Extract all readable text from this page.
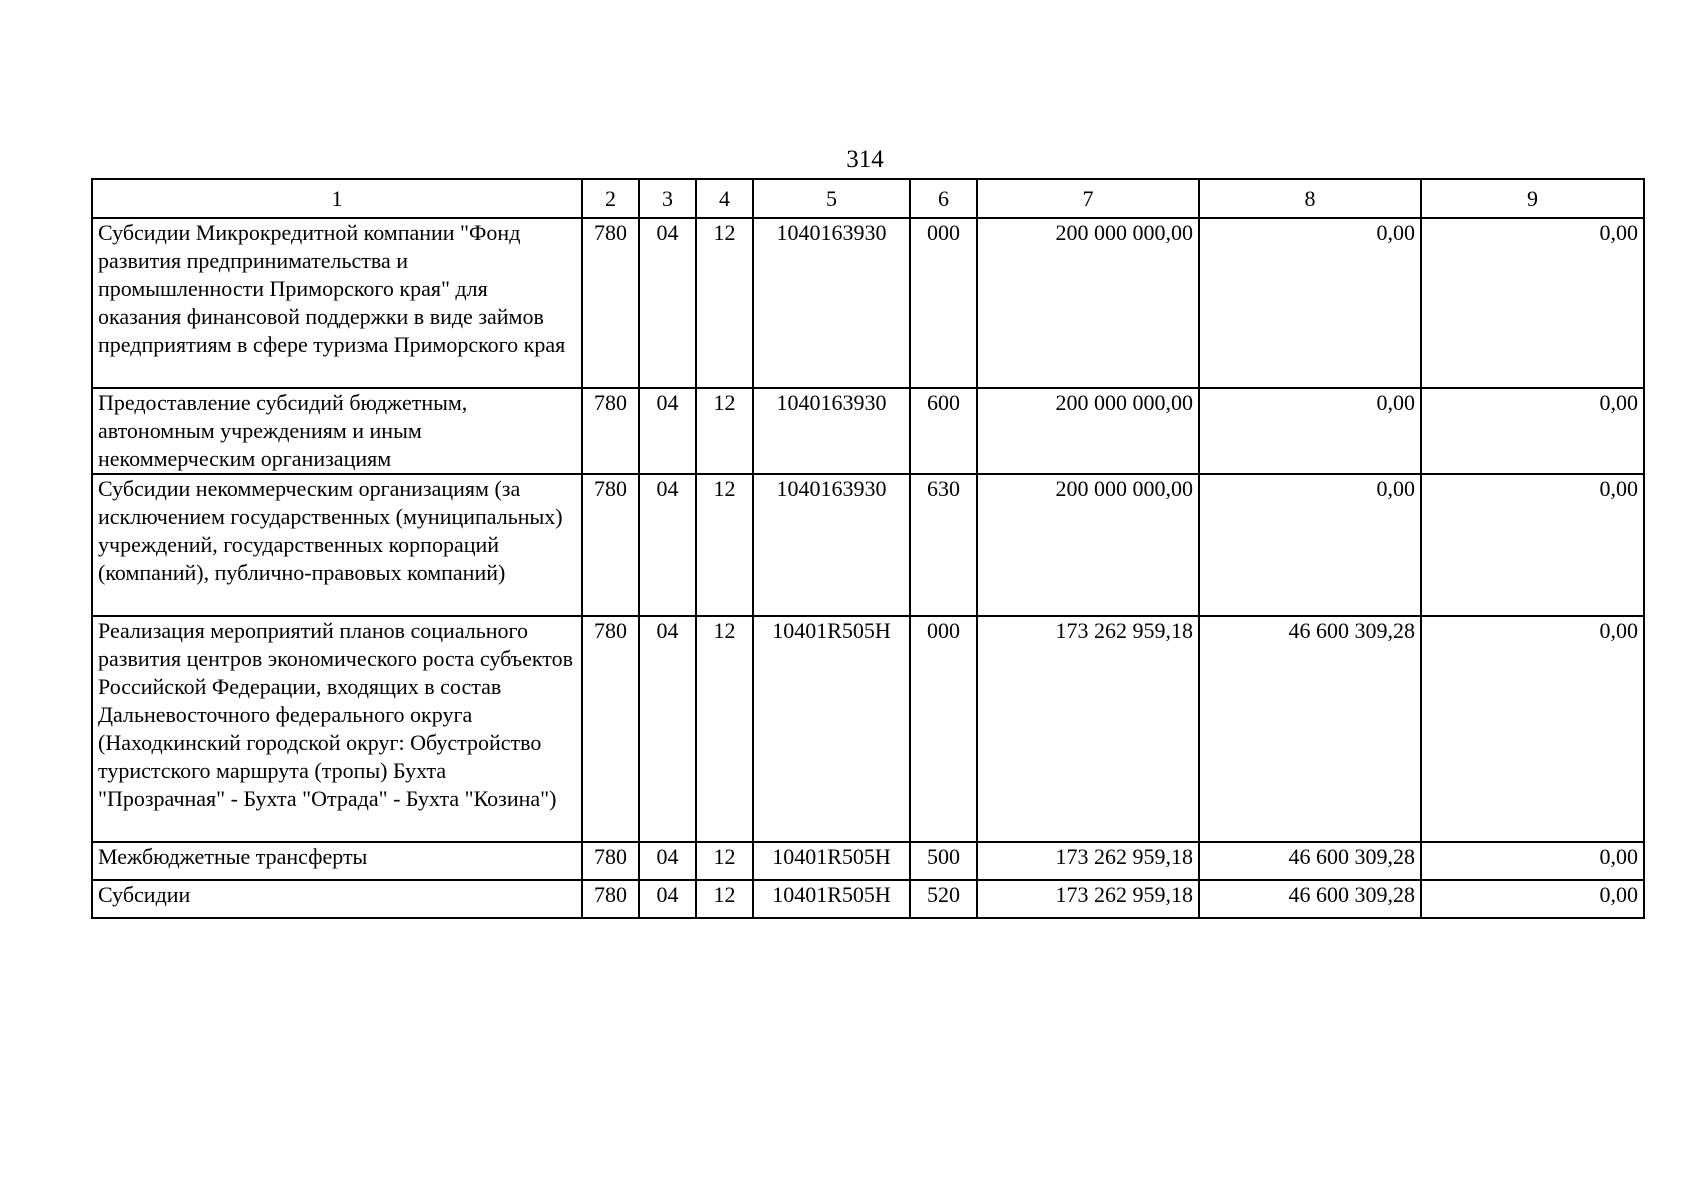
314
1	2	3	4	5	6	7	8	9
Субсидии Микрокредитной компании "Фонд развития предпринимательства и промышленности Приморского края" для оказания финансовой поддержки в виде займов предприятиям в сфере туризма Приморского края	780	04	12	1040163930	000	200 000 000,00	0,00	0,00
Предоставление субсидий бюджетным, автономным учреждениям и иным некоммерческим организациям	780	04	12	1040163930	600	200 000 000,00	0,00	0,00
Субсидии некоммерческим организациям (за исключением государственных (муниципальных) учреждений, государственных корпораций (компаний), публично-правовых компаний)	780	04	12	1040163930	630	200 000 000,00	0,00	0,00
Реализация мероприятий планов социального развития центров экономического роста субъектов Российской Федерации, входящих в состав Дальневосточного федерального округа (Находкинский городской округ: Обустройство туристского маршрута (тропы) Бухта "Прозрачная" - Бухта "Отрада" - Бухта "Козина")	780	04	12	10401R505H	000	173 262 959,18	46 600 309,28	0,00
Межбюджетные трансферты	780	04	12	10401R505H	500	173 262 959,18	46 600 309,28	0,00
Субсидии	780	04	12	10401R505H	520	173 262 959,18	46 600 309,28	0,00
